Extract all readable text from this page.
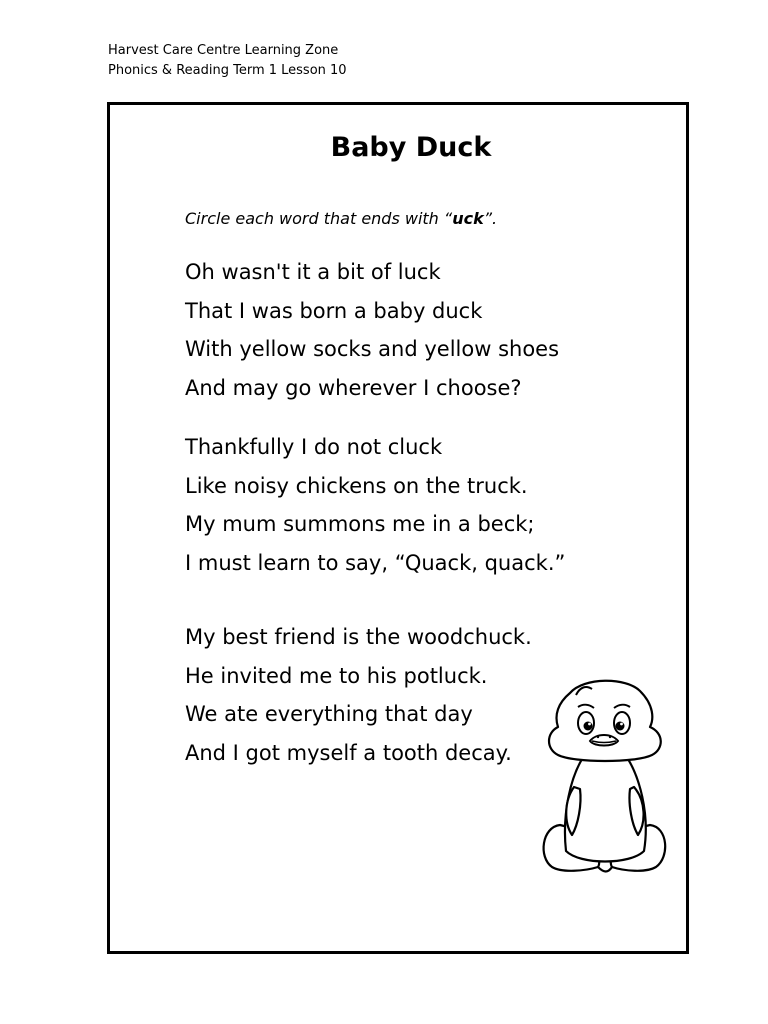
Harvest Care Centre Learning Zone
Phonics & Reading Term 1 Lesson 10
Baby Duck
Circle each word that ends with “uck”.
Oh wasn't it a bit of luck
That I was born a baby duck
With yellow socks and yellow shoes
And may go wherever I choose?
Thankfully I do not cluck
Like noisy chickens on the truck.
My mum summons me in a beck;
I must learn to say, “Quack, quack.”
My best friend is the woodchuck.
He invited me to his potluck.
We ate everything that day
And I got myself a tooth decay.
